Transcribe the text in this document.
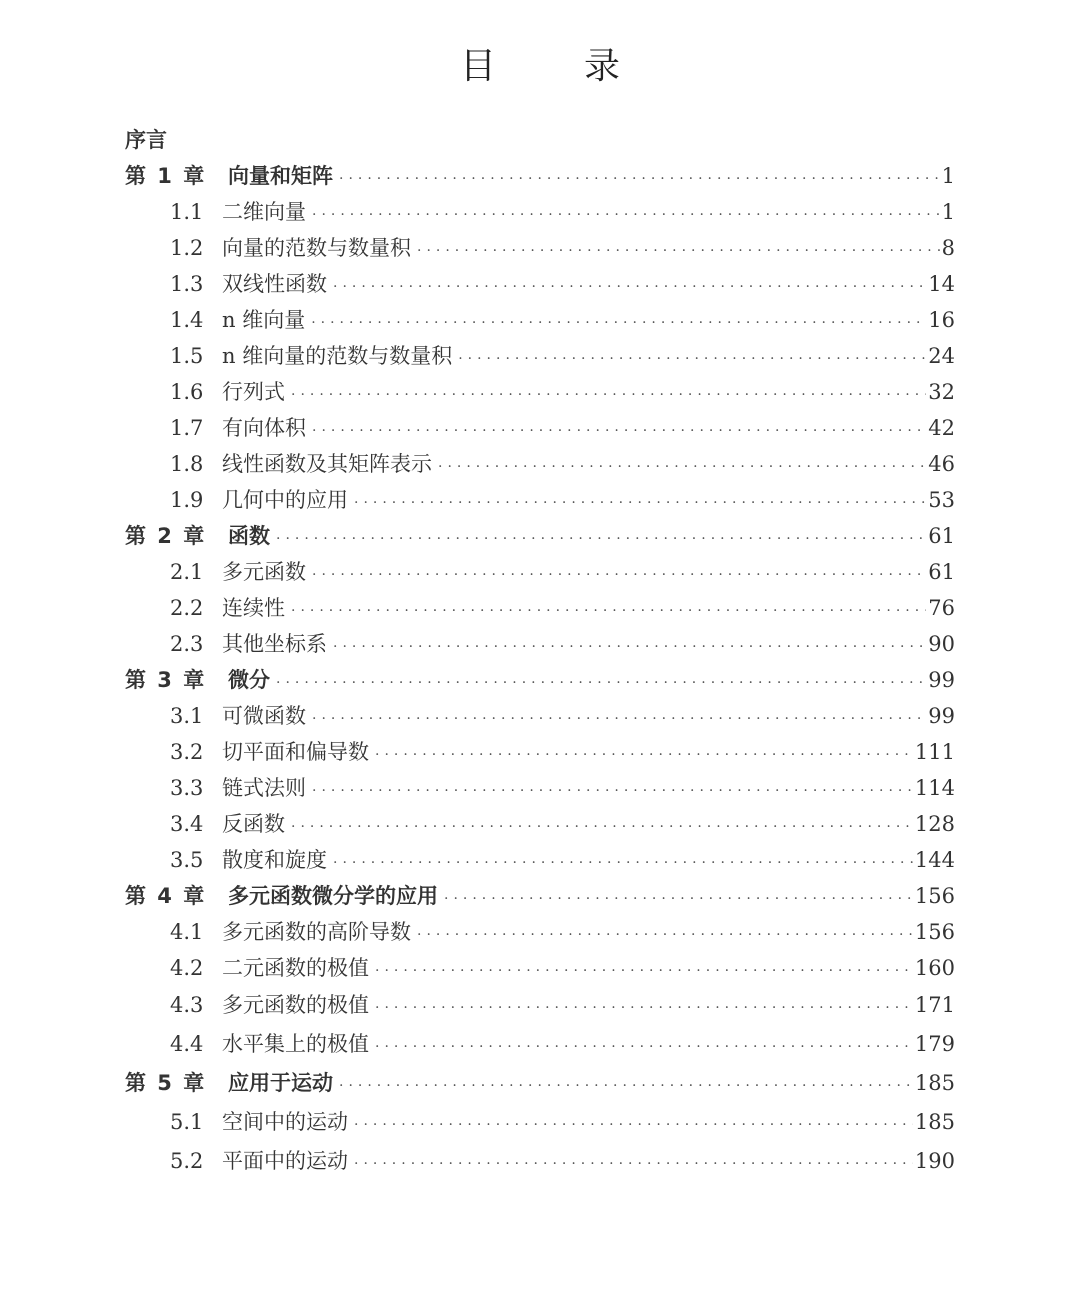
目 录
序言
第 1 章	向量和矩阵 ·····	1
1.1 二维向量 ·····	1
1.2 向量的范数与数量积 ·····	8
1.3 双线性函数 ·····	14
1.4 n 维向量 ·····	16
1.5 n 维向量的范数与数量积 ·····	24
1.6 行列式 ·····	32
1.7 有向体积 ·····	42
1.8 线性函数及其矩阵表示 ·····	46
1.9 几何中的应用 ·····	53
第 2 章	函数 ·····	61
2.1 多元函数 ·····	61
2.2 连续性 ·····	76
2.3 其他坐标系 ·····	90
第 3 章	微分 ·····	99
3.1 可微函数 ·····	99
3.2 切平面和偏导数 ·····	111
3.3 链式法则 ·····	114
3.4 反函数 ·····	128
3.5 散度和旋度 ·····	144
第 4 章	多元函数微分学的应用 ·····	156
4.1 多元函数的高阶导数 ·····	156
4.2 二元函数的极值 ·····	160
4.3 多元函数的极值 ·····	171
4.4 水平集上的极值 ·····	179
第 5 章	应用于运动 ·····	185
5.1 空间中的运动 ·····	185
5.2 平面中的运动 ·····	190
